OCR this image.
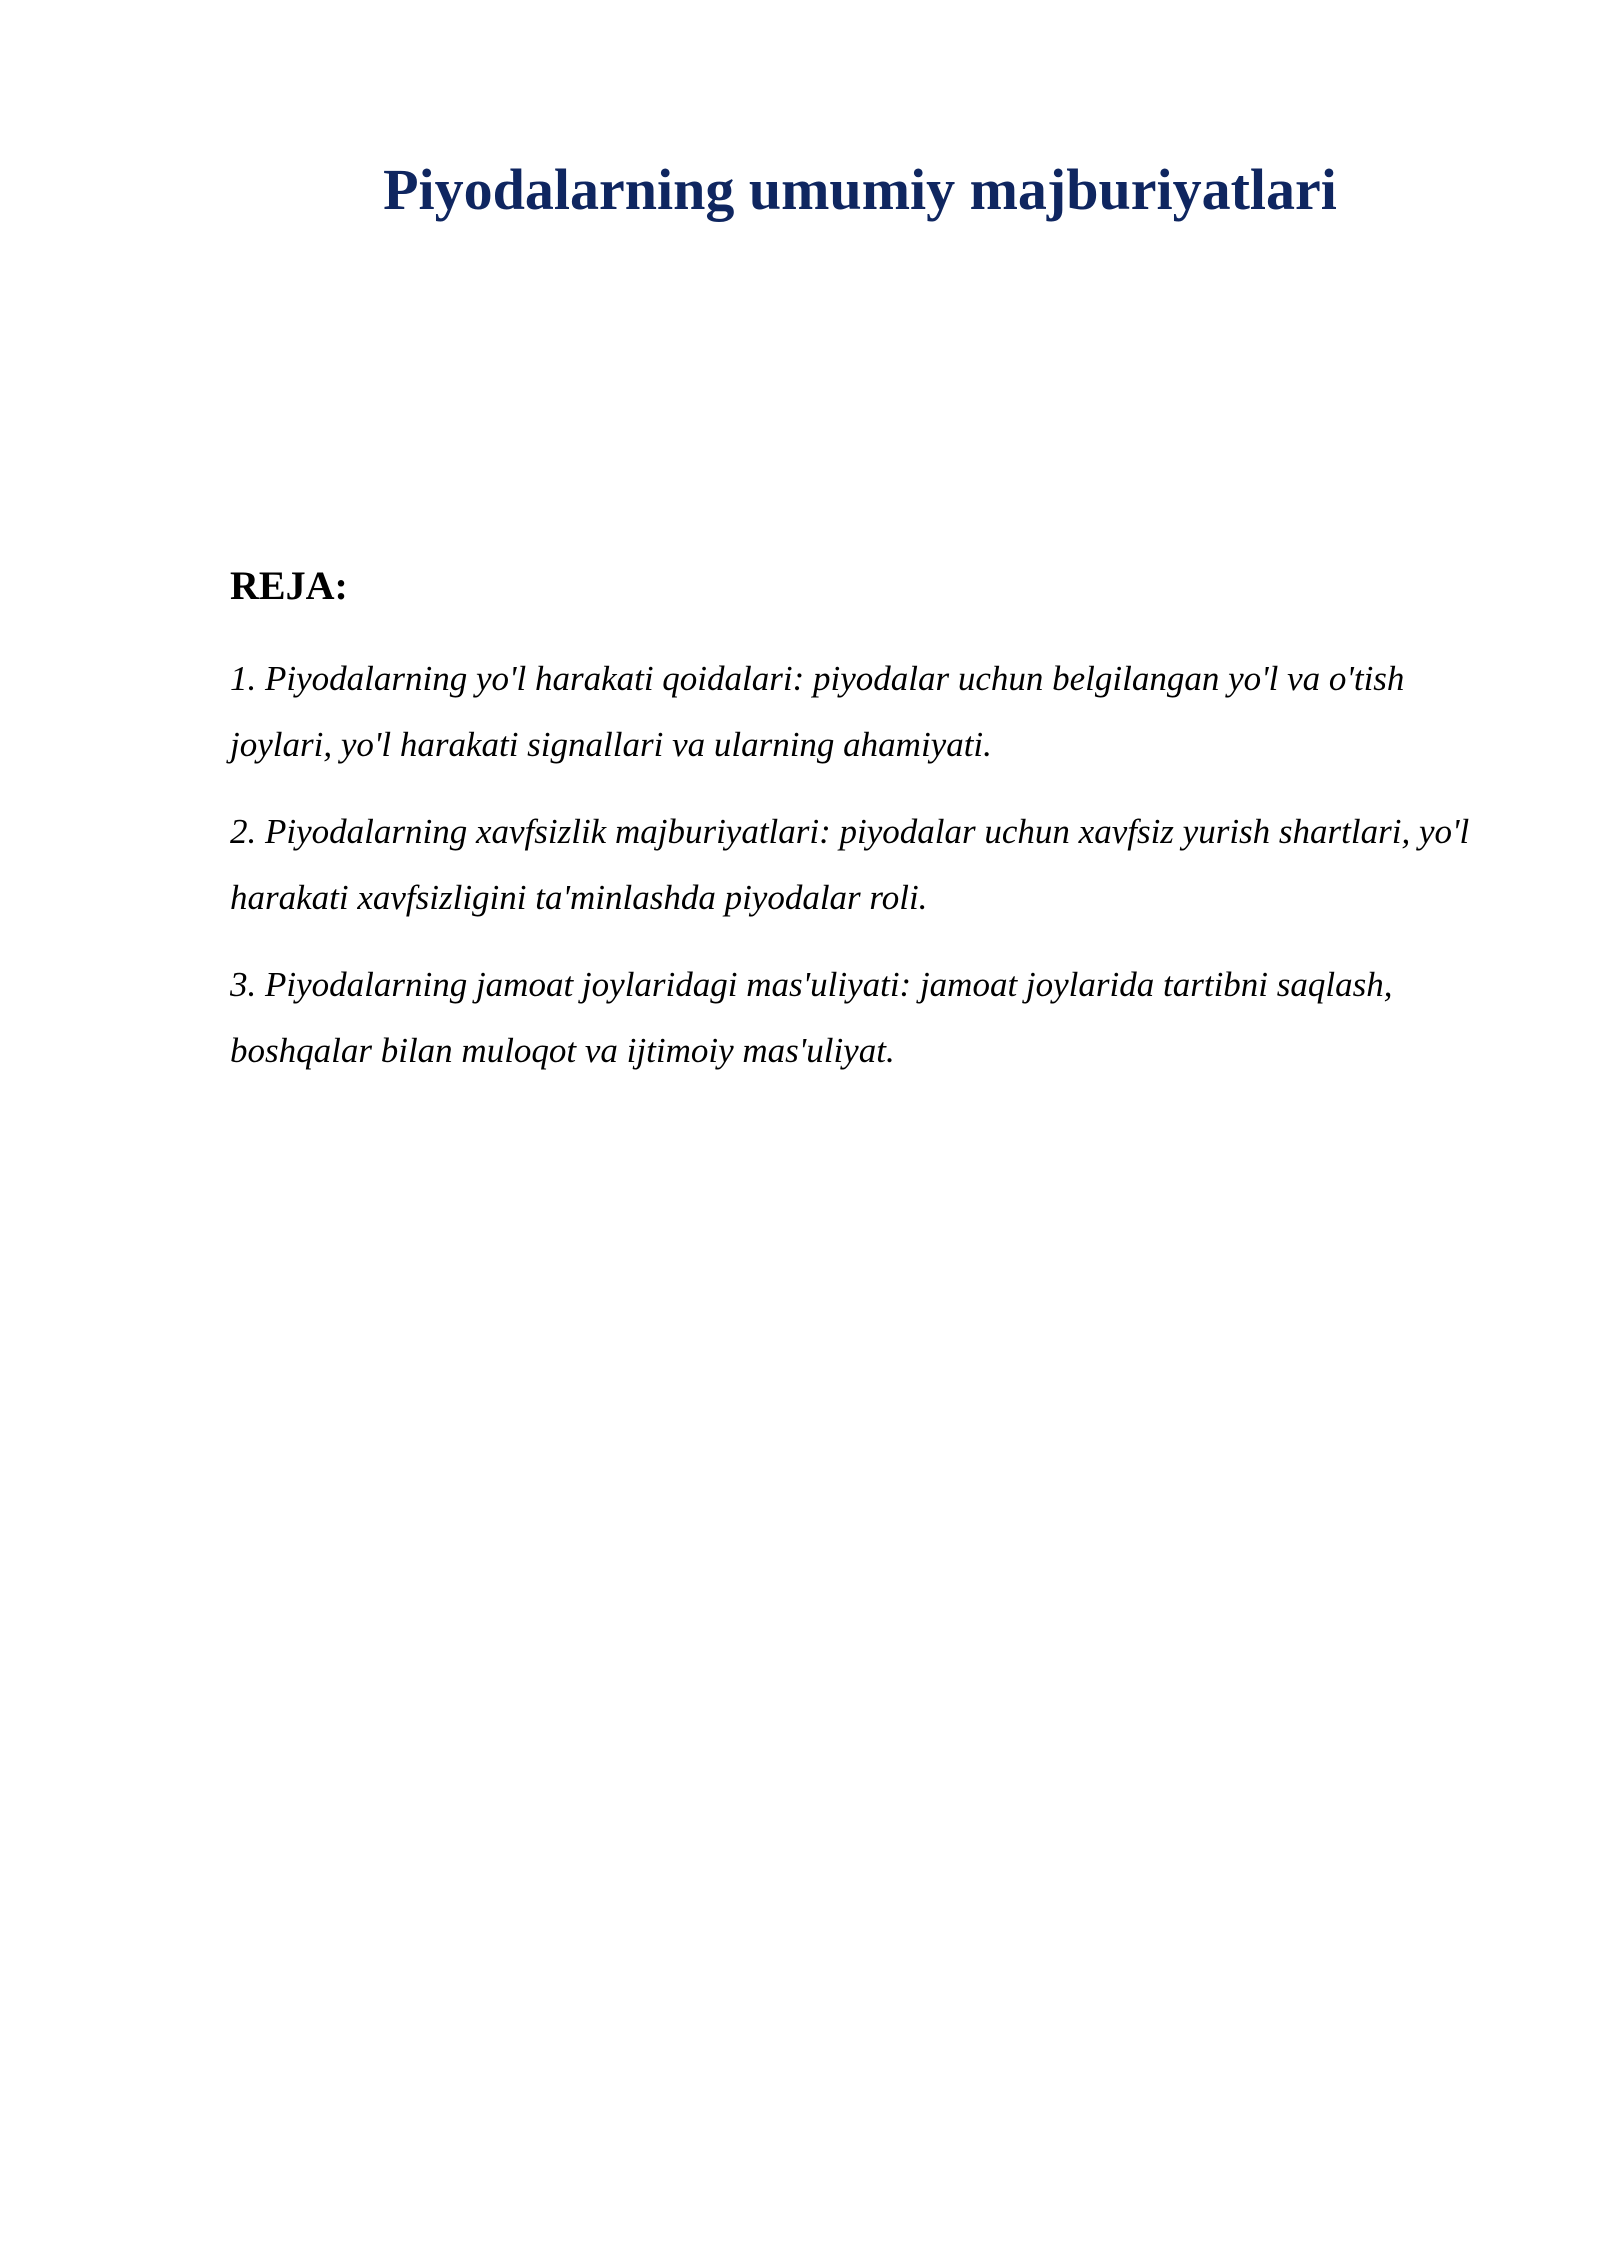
Piyodalarning umumiy majburiyatlari
REJA:
1. Piyodalarning yo'l harakati qoidalari: piyodalar uchun belgilangan yo'l va o'tish joylari, yo'l harakati signallari va ularning ahamiyati.
2. Piyodalarning xavfsizlik majburiyatlari: piyodalar uchun xavfsiz yurish shartlari, yo'l harakati xavfsizligini ta'minlashda piyodalar roli.
3. Piyodalarning jamoat joylaridagi mas'uliyati: jamoat joylarida tartibni saqlash, boshqalar bilan muloqot va ijtimoiy mas'uliyat.
